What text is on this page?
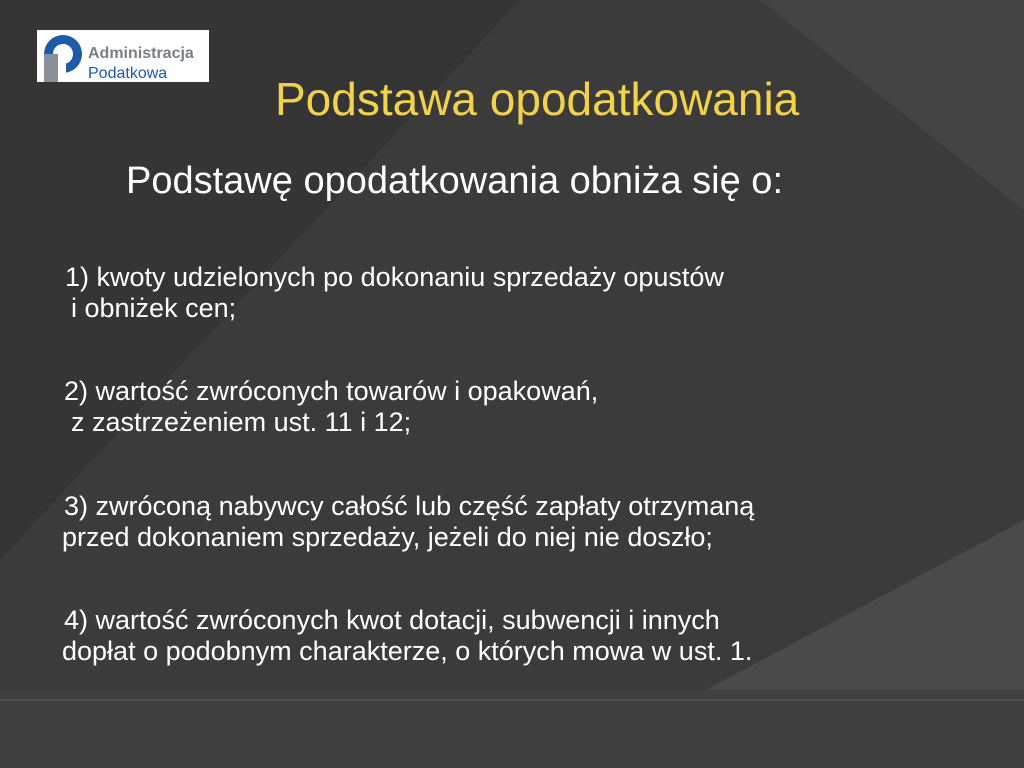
Administracja
Podatkowa Podstawa opodatkowania
Podstawę opodatkowania obniża się o:
1) kwoty udzielonych po dokonaniu sprzedaży opustów
i obniżek cen;
2) wartość zwróconych towarów i opakowań,
z zastrzeżeniem ust. 11 i 12;
3) zwróconą nabywcy całość lub część zapłaty otrzymaną
przed dokonaniem sprzedaży, jeżeli do niej nie doszło;
4) wartość zwróconych kwot dotacji, subwencji i innych
dopłat o podobnym charakterze, o których mowa w ust. 1.
